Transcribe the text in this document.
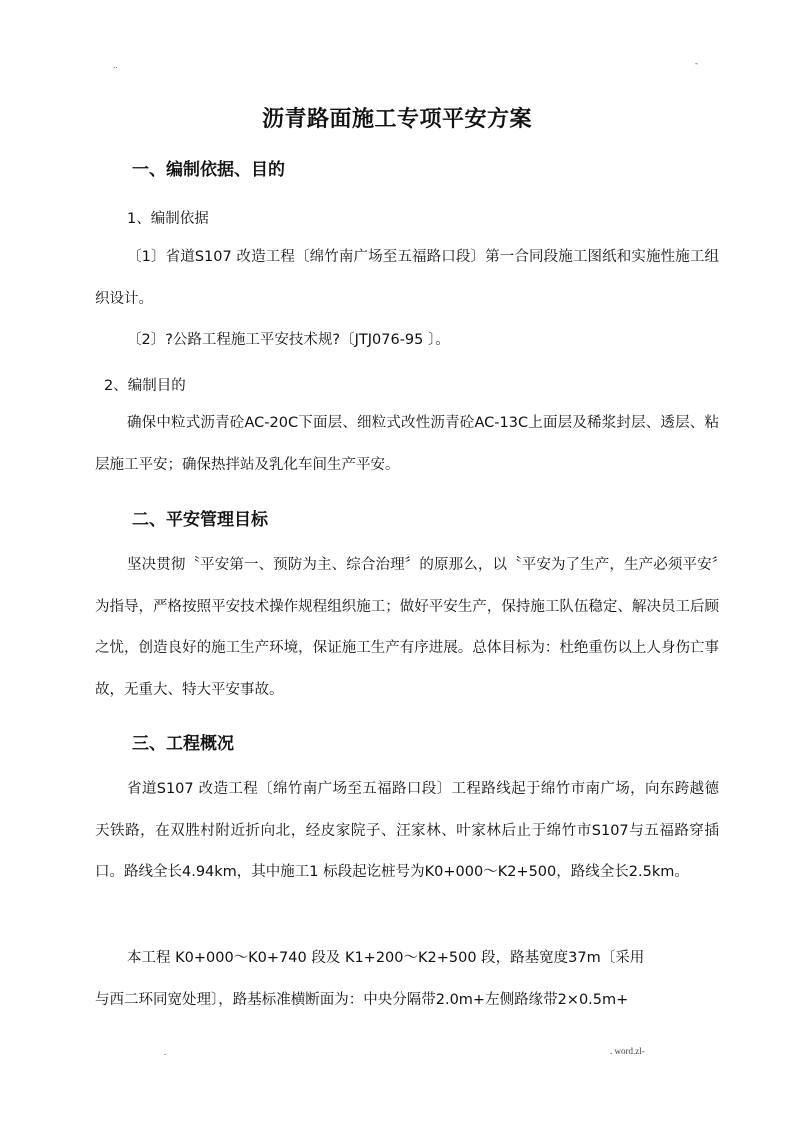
..	-
沥青路面施工专项平安方案
一、编制依据、目的
1、编制依据
〔1〕省道S107 改造工程〔绵竹南广场至五福路口段〕第一合同段施工图纸和实施性施工组织设计。
〔2〕?公路工程施工平安技术规?〔JTJ076-95 〕。
2、编制目的
确保中粒式沥青砼AC-20C下面层、细粒式改性沥青砼AC-13C上面层及稀浆封层、透层、粘层施工平安；确保热拌站及乳化车间生产平安。
二、平安管理目标
坚决贯彻〝平安第一、预防为主、综合治理〞的原那么，以〝平安为了生产，生产必须平安〞为指导，严格按照平安技术操作规程组织施工；做好平安生产，保持施工队伍稳定、解决员工后顾之忧，创造良好的施工生产环境，保证施工生产有序进展。总体目标为：杜绝重伤以上人身伤亡事故，无重大、特大平安事故。
三、工程概况
省道S107 改造工程〔绵竹南广场至五福路口段〕工程路线起于绵竹市南广场，向东跨越德天铁路，在双胜村附近折向北，经皮家院子、汪家林、叶家林后止于绵竹市S107与五福路穿插口。路线全长4.94km，其中施工1 标段起讫桩号为K0+000～K2+500，路线全长2.5km。
本工程 K0+000～K0+740 段及 K1+200～K2+500 段，路基宽度37m〔采用
与西二环同宽处理〕，路基标准横断面为：中央分隔带2.0m+左侧路缘带2×0.5m+
.	. word.zl-
